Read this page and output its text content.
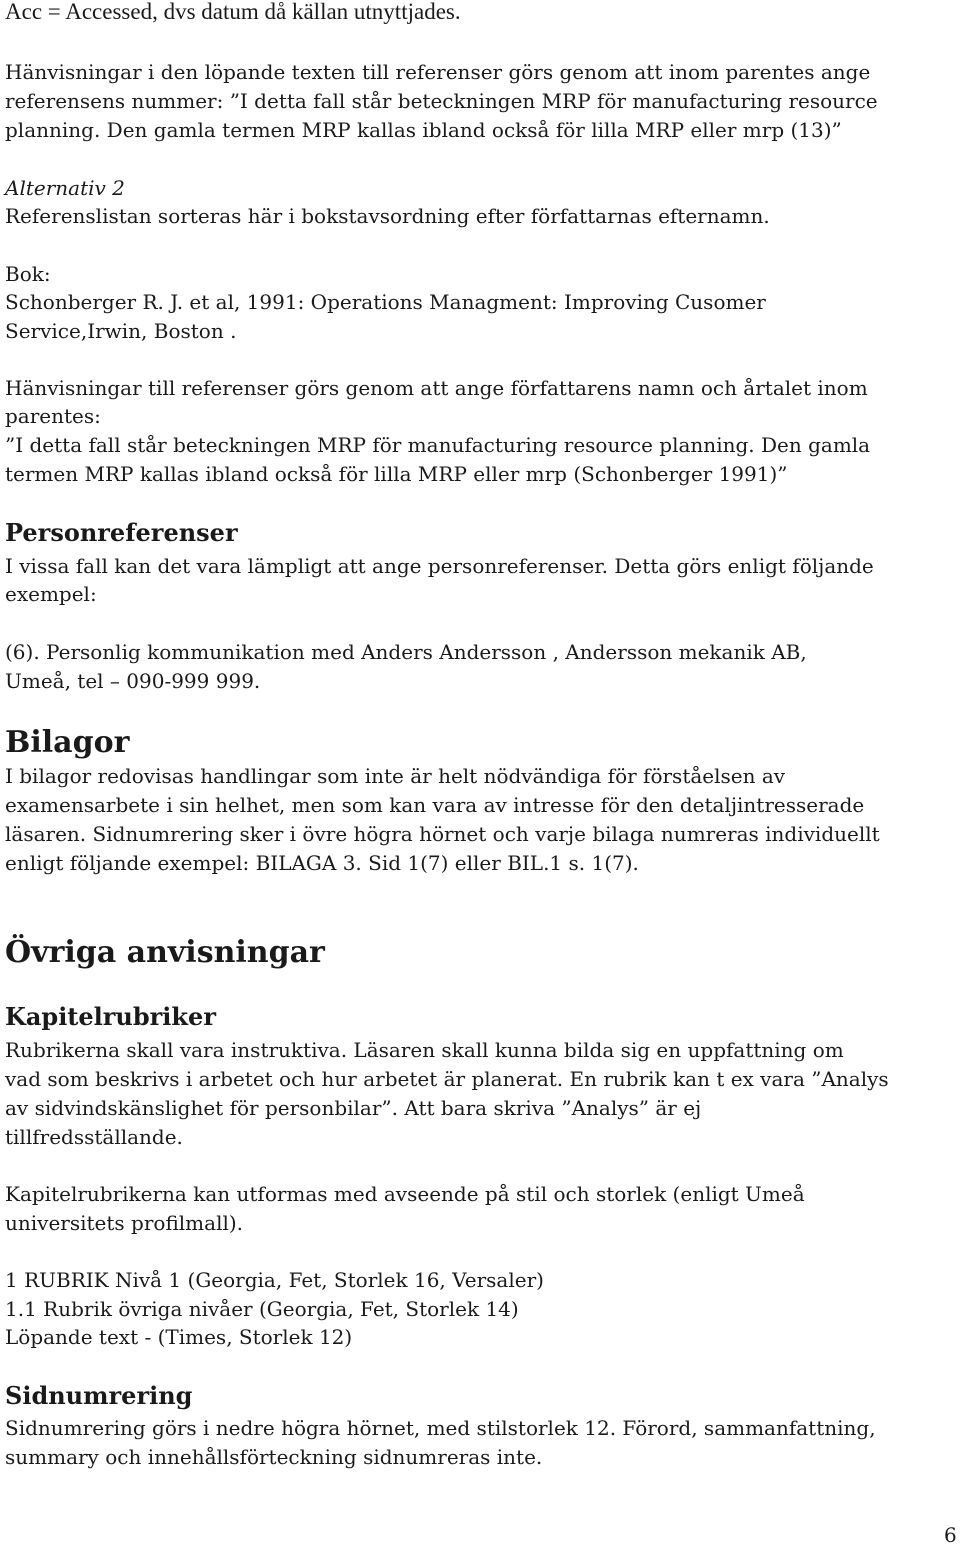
Acc = Accessed, dvs datum då källan utnyttjades.
Hänvisningar i den löpande texten till referenser görs genom att inom parentes ange
referensens nummer: ”I detta fall står beteckningen MRP för manufacturing resource
planning. Den gamla termen MRP kallas ibland också för lilla MRP eller mrp (13)”
Alternativ 2
Referenslistan sorteras här i bokstavsordning efter författarnas efternamn.
Bok:
Schonberger R. J. et al, 1991: Operations Managment: Improving Cusomer
Service,Irwin, Boston .
Hänvisningar till referenser görs genom att ange författarens namn och årtalet inom
parentes:
”I detta fall står beteckningen MRP för manufacturing resource planning. Den gamla
termen MRP kallas ibland också för lilla MRP eller mrp (Schonberger 1991)”
Personreferenser
I vissa fall kan det vara lämpligt att ange personreferenser. Detta görs enligt följande
exempel:
(6). Personlig kommunikation med Anders Andersson , Andersson mekanik AB,
Umeå, tel – 090-999 999.
Bilagor
I bilagor redovisas handlingar som inte är helt nödvändiga för förståelsen av
examensarbete i sin helhet, men som kan vara av intresse för den detaljintresserade
läsaren. Sidnumrering sker i övre högra hörnet och varje bilaga numreras individuellt
enligt följande exempel: BILAGA 3. Sid 1(7) eller BIL.1 s. 1(7).
Övriga anvisningar
Kapitelrubriker
Rubrikerna skall vara instruktiva. Läsaren skall kunna bilda sig en uppfattning om
vad som beskrivs i arbetet och hur arbetet är planerat. En rubrik kan t ex vara ”Analys
av sidvindskänslighet för personbilar”. Att bara skriva ”Analys” är ej
tillfredsställande.
Kapitelrubrikerna kan utformas med avseende på stil och storlek (enligt Umeå
universitets profilmall).
1 RUBRIK Nivå 1 (Georgia, Fet, Storlek 16, Versaler)
1.1 Rubrik övriga nivåer (Georgia, Fet, Storlek 14)
Löpande text - (Times, Storlek 12)
Sidnumrering
Sidnumrering görs i nedre högra hörnet, med stilstorlek 12. Förord, sammanfattning,
summary och innehållsförteckning sidnumreras inte.
6
